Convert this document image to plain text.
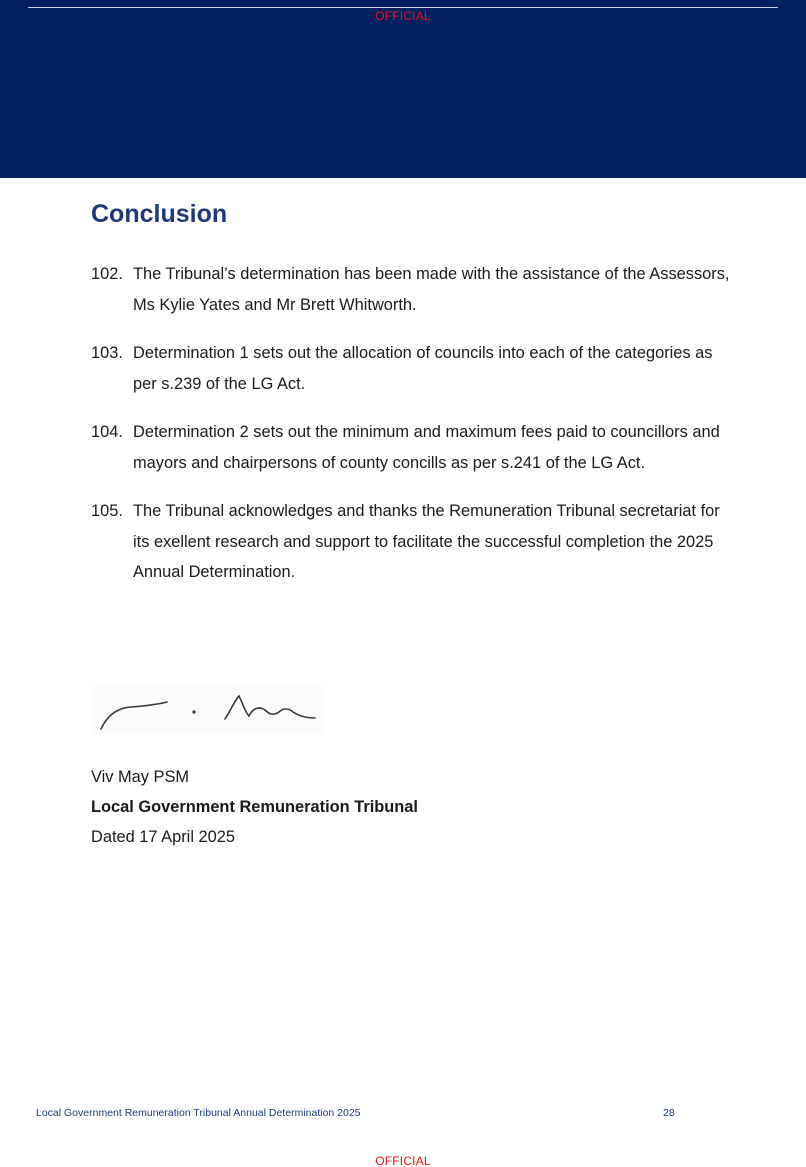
OFFICIAL
Conclusion
102. The Tribunal’s determination has been made with the assistance of the Assessors, Ms Kylie Yates and Mr Brett Whitworth.
103. Determination 1 sets out the allocation of councils into each of the categories as per s.239 of the LG Act.
104. Determination 2 sets out the minimum and maximum fees paid to councillors and mayors and chairpersons of county concills as per s.241 of the LG Act.
105. The Tribunal acknowledges and thanks the Remuneration Tribunal secretariat for its exellent research and support to facilitate the successful completion the 2025 Annual Determination.
Viv May PSM
Local Government Remuneration Tribunal
Dated 17 April 2025
Local Government Remuneration Tribunal Annual Determination 2025	28
OFFICIAL
